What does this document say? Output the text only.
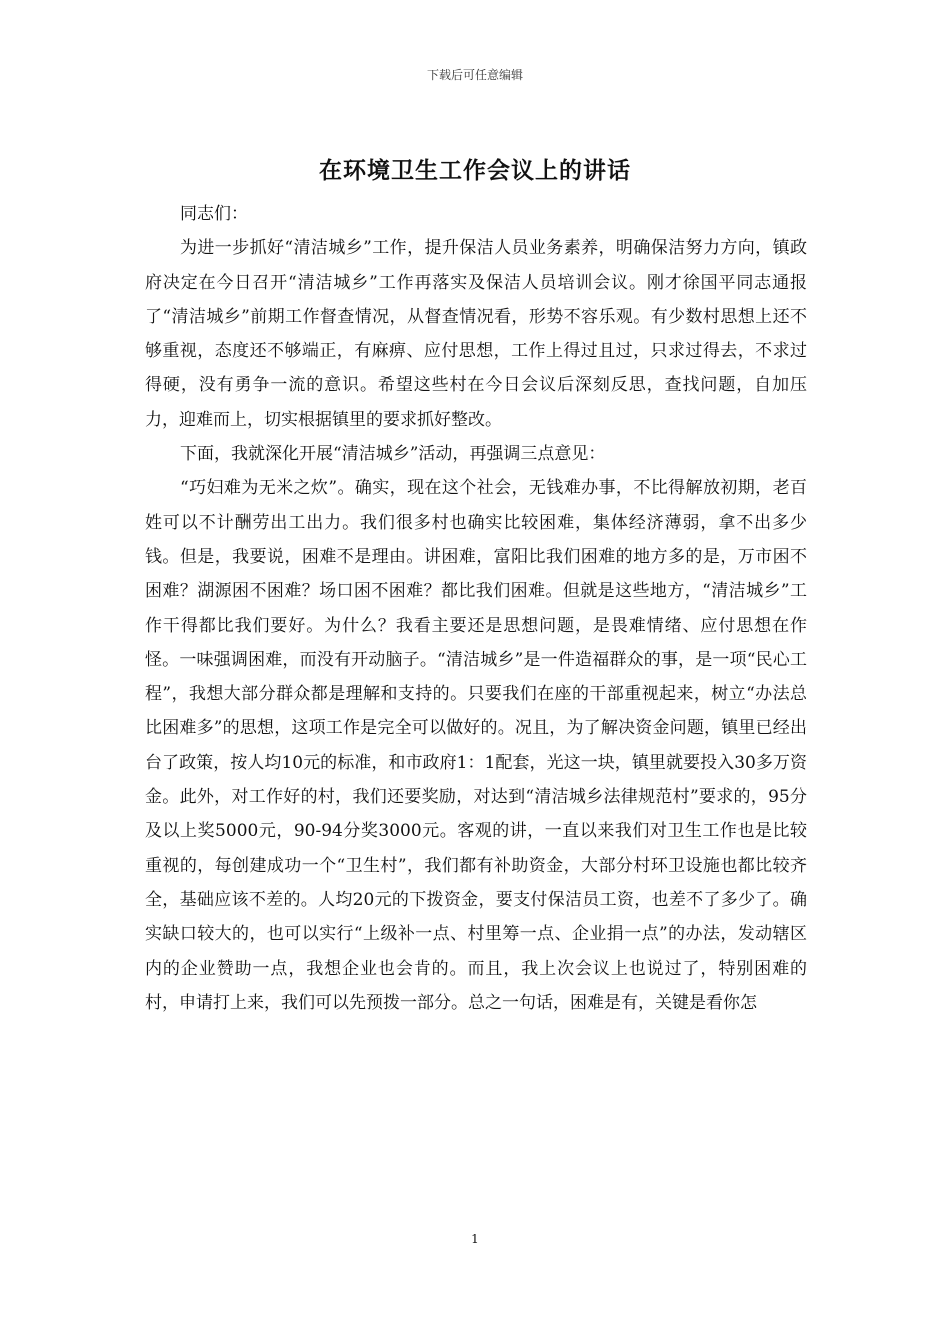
下载后可任意编辑
在环境卫生工作会议上的讲话

同志们：

为进一步抓好“清洁城乡”工作，提升保洁人员业务素养，明确保洁努力方向，镇政府决定在今日召开“清洁城乡”工作再落实及保洁人员培训会议。刚才徐国平同志通报了“清洁城乡”前期工作督查情况，从督查情况看，形势不容乐观。有少数村思想上还不够重视，态度还不够端正，有麻痹、应付思想，工作上得过且过，只求过得去，不求过得硬，没有勇争一流的意识。希望这些村在今日会议后深刻反思，查找问题，自加压力，迎难而上，切实根据镇里的要求抓好整改。

下面，我就深化开展“清洁城乡”活动，再强调三点意见：

“巧妇难为无米之炊”。确实，现在这个社会，无钱难办事，不比得解放初期，老百姓可以不计酬劳出工出力。我们很多村也确实比较困难，集体经济薄弱，拿不出多少钱。但是，我要说，困难不是理由。讲困难，富阳比我们困难的地方多的是，万市困不困难？湖源困不困难？场口困不困难？都比我们困难。但就是这些地方，“清洁城乡”工作干得都比我们要好。为什么？我看主要还是思想问题，是畏难情绪、应付思想在作怪。一味强调困难，而没有开动脑子。“清洁城乡”是一件造福群众的事，是一项“民心工程”，我想大部分群众都是理解和支持的。只要我们在座的干部重视起来，树立“办法总比困难多”的思想，这项工作是完全可以做好的。况且，为了解决资金问题，镇里已经出台了政策，按人均10元的标准，和市政府1：1配套，光这一块，镇里就要投入30多万资金。此外，对工作好的村，我们还要奖励，对达到“清洁城乡法律规范村”要求的，95分及以上奖5000元，90-94分奖3000元。客观的讲，一直以来我们对卫生工作也是比较重视的，每创建成功一个“卫生村”，我们都有补助资金，大部分村环卫设施也都比较齐全，基础应该不差的。人均20元的下拨资金，要支付保洁员工资，也差不了多少了。确实缺口较大的，也可以实行“上级补一点、村里筹一点、企业捐一点”的办法，发动辖区内的企业赞助一点，我想企业也会肯的。而且，我上次会议上也说过了，特别困难的村，申请打上来，我们可以先预拨一部分。总之一句话，困难是有，关键是看你怎

1
